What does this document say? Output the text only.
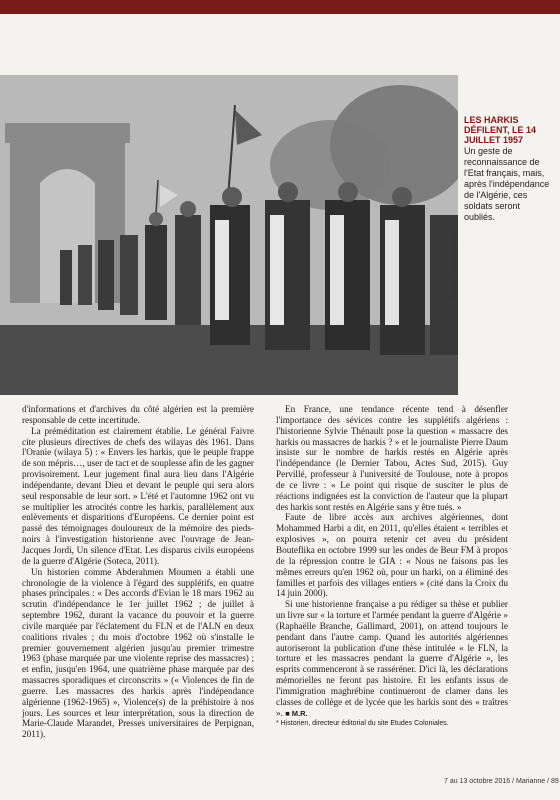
keystone / Gamma-rapho
LES HARKIS DÉFILENT, LE 14 JUILLET 1957
Un geste de reconnaissance de l'Etat français, mais, après l'indépendance de l'Algérie, ces soldats seront oubliés.

d'informations et d'archives du côté algérien est la première responsable de cette incertitude.

La préméditation est clairement établie. Le général Faivre cite plusieurs directives de chefs des wilayas dès 1961. Dans l'Oranie (wilaya 5) : « Envers les harkis, que le peuple frappe de son mépris…, user de tact et de souplesse afin de les gagner provisoirement. Leur jugement final aura lieu dans l'Algérie indépendante, devant Dieu et devant le peuple qui sera alors seul responsable de leur sort. » L'été et l'automne 1962 ont vu se multiplier les atrocités contre les harkis, parallèlement aux enlèvements et disparitions d'Européens. Ce dernier point est passé des témoignages douloureux de la mémoire des pieds-noirs à l'investigation historienne avec l'ouvrage de Jean-Jacques Jordi, Un silence d'Etat. Les disparus civils européens de la guerre d'Algérie (Soteca, 2011).

Un historien comme Abderahmen Moumen a établi une chronologie de la violence à l'égard des supplétifs, en quatre phases principales : « Des accords d'Evian le 18 mars 1962 au scrutin d'indépendance le 1er juillet 1962 ; de juillet à septembre 1962, durant la vacance du pouvoir et la guerre civile marquée par l'éclatement du FLN et de l'ALN en deux coalitions rivales ; du mois d'octobre 1962 où s'installe le premier gouvernement algérien jusqu'au premier trimestre 1963 (phase marquée par une violente reprise des massacres) ; et enfin, jusqu'en 1964, une quatrième phase marquée par des massacres sporadiques et circonscrits » (« Violences de fin de guerre. Les massacres des harkis après l'indépendance algérienne (1962-1965) », Violence(s) de la préhistoire à nos jours. Les sources et leur interprétation, sous la direction de Marie-Claude Marandet, Presses universitaires de Perpignan, 2011).

En France, une tendance récente tend à désenfler l'importance des sévices contre les supplétifs algériens : l'historienne Sylvie Thénault pose la question « massacre des harkis ou massacres de harkis ? » et le journaliste Pierre Daum insiste sur le nombre de harkis restés en Algérie après l'indépendance (le Dernier Tabou, Actes Sud, 2015). Guy Pervillé, professeur à l'université de Toulouse, note à propos de ce livre : « Le point qui risque de susciter le plus de réactions indignées est la conviction de l'auteur que la plupart des harkis sont restés en Algérie sans y être tués. »

Faute de libre accès aux archives algériennes, dont Mohammed Harbi a dit, en 2011, qu'elles étaient « terribles et explosives », on pourra retenir cet aveu du président Bouteflika en octobre 1999 sur les ondes de Beur FM à propos de la répression contre le GIA : « Nous ne faisons pas les mêmes erreurs qu'en 1962 où, pour un harki, on a éliminé des familles et parfois des villages entiers » (cité dans la Croix du 14 juin 2000).

Si une historienne française a pu rédiger sa thèse et publier un livre sur « la torture et l'armée pendant la guerre d'Algérie » (Raphaëlle Branche, Gallimard, 2001), on attend toujours le pendant dans l'autre camp. Quand les autorités algériennes autoriseront la publication d'une thèse intitulée « le FLN, la torture et les massacres pendant la guerre d'Algérie », les esprits commenceront à se rasséréner. D'ici là, les déclarations mémorielles ne feront pas histoire. Et les enfants issus de l'immigration maghrébine continueront de clamer dans les classes de collège et de lycée que les harkis sont des « traîtres ». ■ M.R.

* Historien, directeur éditorial du site Etudes Coloniales.

7 au 13 octobre 2016 / Marianne / 89
